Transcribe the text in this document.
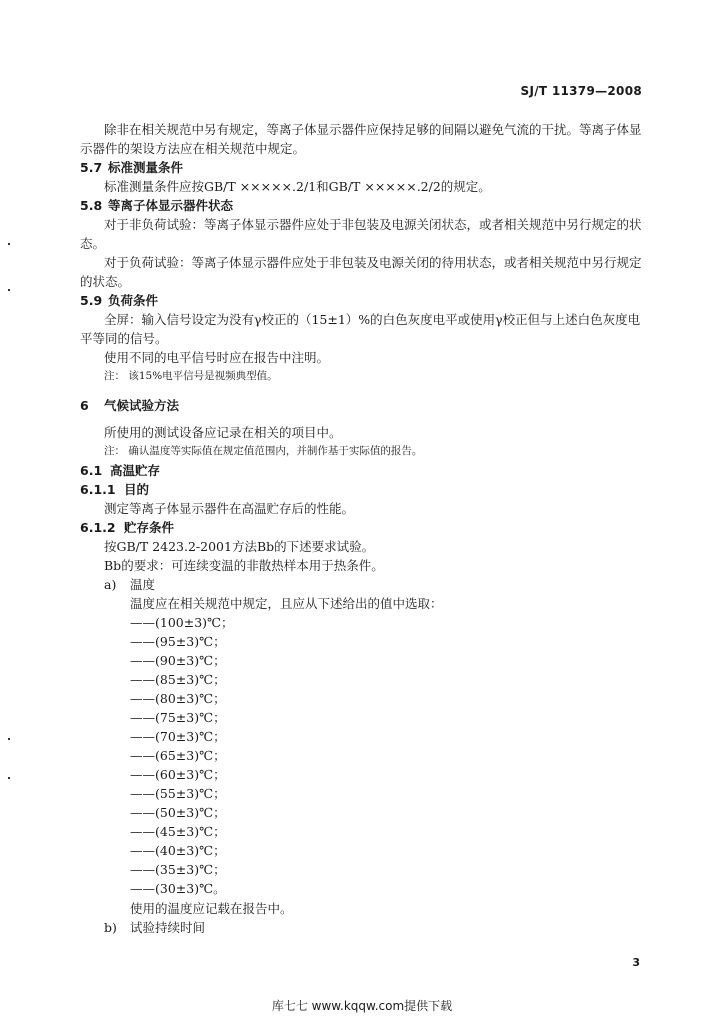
SJ/T 11379—2008
除非在相关规范中另有规定，等离子体显示器件应保持足够的间隔以避免气流的干扰。等离子体显
示器件的架设方法应在相关规范中规定。
5.7 标准测量条件
标准测量条件应按GB/T ×××××.2/1和GB/T ×××××.2/2的规定。
5.8 等离子体显示器件状态
对于非负荷试验：等离子体显示器件应处于非包装及电源关闭状态，或者相关规范中另行规定的状
态。
对于负荷试验：等离子体显示器件应处于非包装及电源关闭的待用状态，或者相关规范中另行规定
的状态。
5.9 负荷条件
全屏：输入信号设定为没有γ校正的（15±1）%的白色灰度电平或使用γ校正但与上述白色灰度电
平等同的信号。
使用不同的电平信号时应在报告中注明。
注： 该15%电平信号是视频典型值。
6 气候试验方法
所使用的测试设备应记录在相关的项目中。
注： 确认温度等实际值在规定值范围内，并制作基于实际值的报告。
6.1 高温贮存
6.1.1 目的
测定等离子体显示器件在高温贮存后的性能。
6.1.2 贮存条件
按GB/T 2423.2-2001方法Bb的下述要求试验。
Bb的要求：可连续变温的非散热样本用于热条件。
a) 温度
温度应在相关规范中规定，且应从下述给出的值中选取：
——(100±3)℃；
——(95±3)℃；
——(90±3)℃；
——(85±3)℃；
——(80±3)℃；
——(75±3)℃；
——(70±3)℃；
——(65±3)℃；
——(60±3)℃；
——(55±3)℃；
——(50±3)℃；
——(45±3)℃；
——(40±3)℃；
——(35±3)℃；
——(30±3)℃。
使用的温度应记载在报告中。
b) 试验持续时间
3
库七七 www.kqqw.com提供下载
